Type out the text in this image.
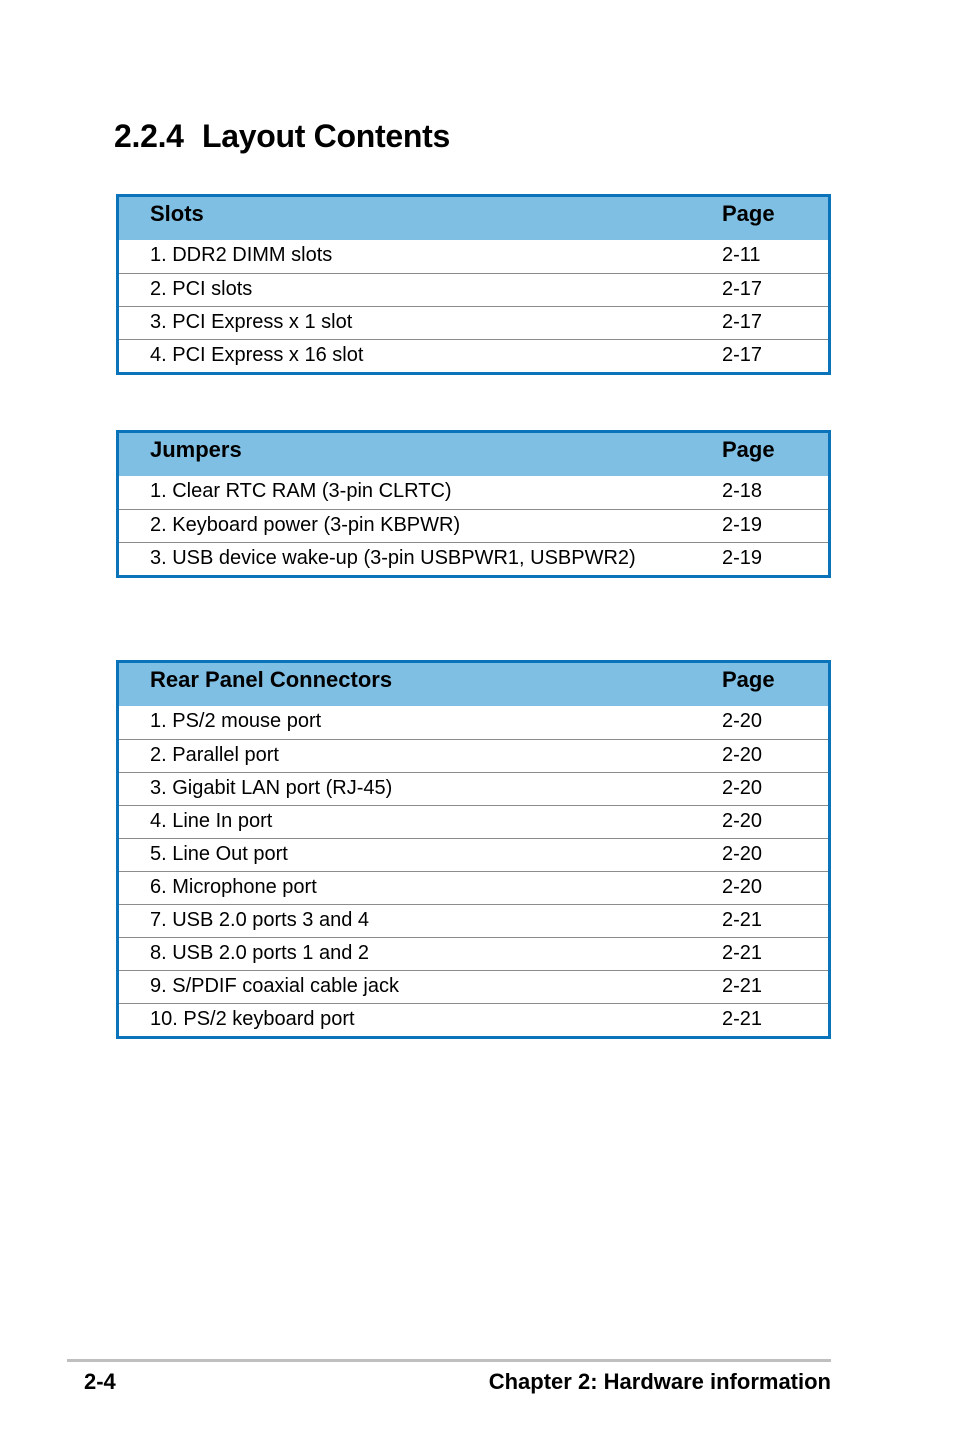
2.2.4 Layout Contents
Slots	Page
1. DDR2 DIMM slots	2-11
2. PCI slots	2-17
3. PCI Express x 1 slot	2-17
4. PCI Express x 16 slot	2-17
Jumpers	Page
1. Clear RTC RAM (3-pin CLRTC)	2-18
2. Keyboard power (3-pin KBPWR)	2-19
3. USB device wake-up (3-pin USBPWR1, USBPWR2)	2-19
Rear Panel Connectors	Page
1. PS/2 mouse port	2-20
2. Parallel port	2-20
3. Gigabit LAN port (RJ-45)	2-20
4. Line In port	2-20
5. Line Out port	2-20
6. Microphone port	2-20
7. USB 2.0 ports 3 and 4	2-21
8. USB 2.0 ports 1 and 2	2-21
9. S/PDIF coaxial cable jack	2-21
10. PS/2 keyboard port	2-21
2-4	Chapter 2: Hardware information
